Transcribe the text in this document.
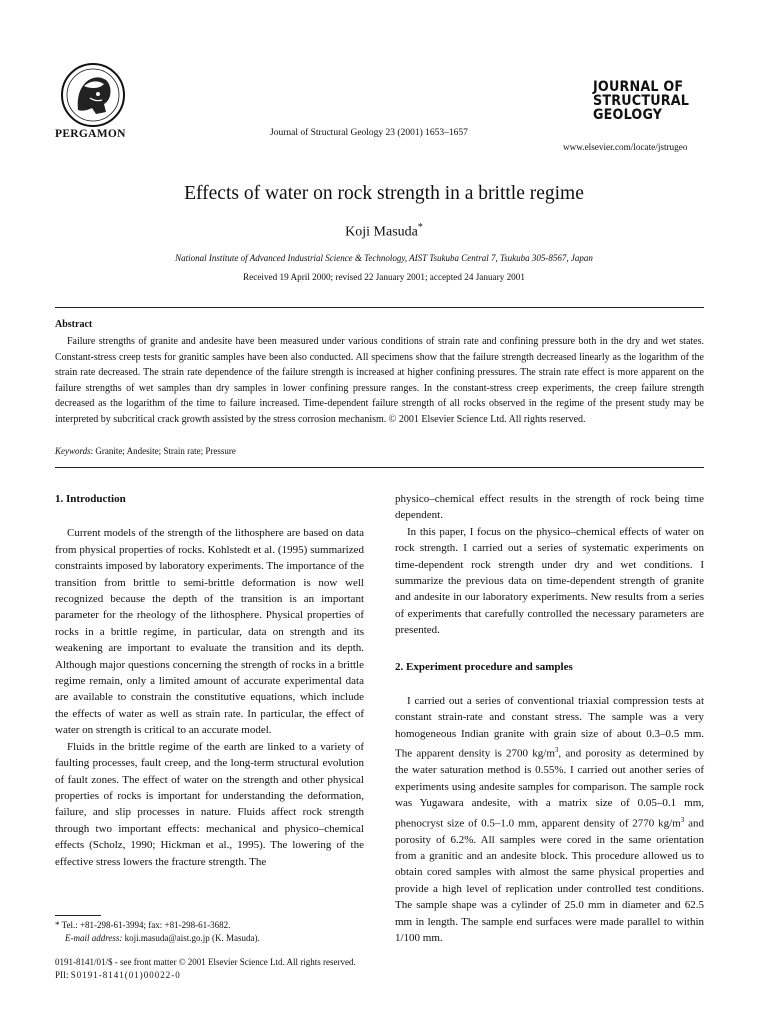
PERGAMON	Journal of Structural Geology 23 (2001) 1653–1657
JOURNAL OF
STRUCTURAL
GEOLOGY
www.elsevier.com/locate/jstrugeo
Effects of water on rock strength in a brittle regime
Koji Masuda*
National Institute of Advanced Industrial Science & Technology, AIST Tsukuba Central 7, Tsukuba 305-8567, Japan
Received 19 April 2000; revised 22 January 2001; accepted 24 January 2001
Abstract
Failure strengths of granite and andesite have been measured under various conditions of strain rate and confining pressure both in the dry and wet states. Constant-stress creep tests for granitic samples have been also conducted. All specimens show that the failure strength decreased linearly as the logarithm of the strain rate decreased. The strain rate dependence of the failure strength is increased at higher confining pressures. The strain rate effect is more apparent on the failure strengths of wet samples than dry samples in lower confining pressure ranges. In the constant-stress creep experiments, the creep failure strength decreased as the logarithm of the time to failure increased. Time-dependent failure strength of all rocks observed in the regime of the present study may be interpreted by subcritical crack growth assisted by the stress corrosion mechanism. © 2001 Elsevier Science Ltd. All rights reserved.
Keywords: Granite; Andesite; Strain rate; Pressure
1. Introduction

Current models of the strength of the lithosphere are based on data from physical properties of rocks. Kohlstedt et al. (1995) summarized constraints imposed by laboratory experiments. The importance of the transition from brittle to semi-brittle deformation is now well recognized because the depth of the transition is an important parameter for the rheology of the lithosphere. Physical properties of rocks in a brittle regime, in particular, data on strength and its weakening are important to evaluate the transition and its depth. Although major questions concerning the strength of rocks in a brittle regime remain, only a limited amount of accurate experimental data are available to constrain the constitutive equations, which include the effects of water as well as strain rate. In particular, the effect of water on strength is critical to an accurate model.

Fluids in the brittle regime of the earth are linked to a variety of faulting processes, fault creep, and the long-term structural evolution of fault zones. The effect of water on the strength and other physical properties of rocks is important for understanding the deformation, failure, and slip processes in nature. Fluids affect rock strength through two important effects: mechanical and physico–chemical effects (Scholz, 1990; Hickman et al., 1995). The lowering of the effective stress lowers the fracture strength. The

physico–chemical effect results in the strength of rock being time dependent.

In this paper, I focus on the physico–chemical effects of water on rock strength. I carried out a series of systematic experiments on time-dependent rock strength under dry and wet conditions. I summarize the previous data on time-dependent strength of granite and andesite in our laboratory experiments. New results from a series of experiments that carefully controlled the necessary parameters are presented.

2. Experiment procedure and samples

I carried out a series of conventional triaxial compression tests at constant strain-rate and constant stress. The sample was a very homogeneous Indian granite with grain size of about 0.3–0.5 mm. The apparent density is 2700 $kg/m^3$, and porosity as determined by the water saturation method is 0.55%. I carried out another series of experiments using andesite samples for comparison. The sample rock was Yugawara andesite, with a matrix size of 0.05–0.1 mm, phenocryst size of 0.5–1.0 mm, apparent density of 2770 $kg/m^3$ and porosity of 6.2%. All samples were cored in the same orientation from a granitic and an andesite block. This procedure allowed us to obtain cored samples with almost the same physical properties and provide a high level of replication under controlled test conditions. The sample shape was a cylinder of 25.0 mm in diameter and 62.5 mm in length. The sample end surfaces were made parallel to within 1/100 mm.

* Tel.: +81-298-61-3994; fax: +81-298-61-3682.
E-mail address: koji.masuda@aist.go.jp (K. Masuda).
0191-8141/01/$ - see front matter © 2001 Elsevier Science Ltd. All rights reserved.
PII: S0191-8141(01)00022-0
